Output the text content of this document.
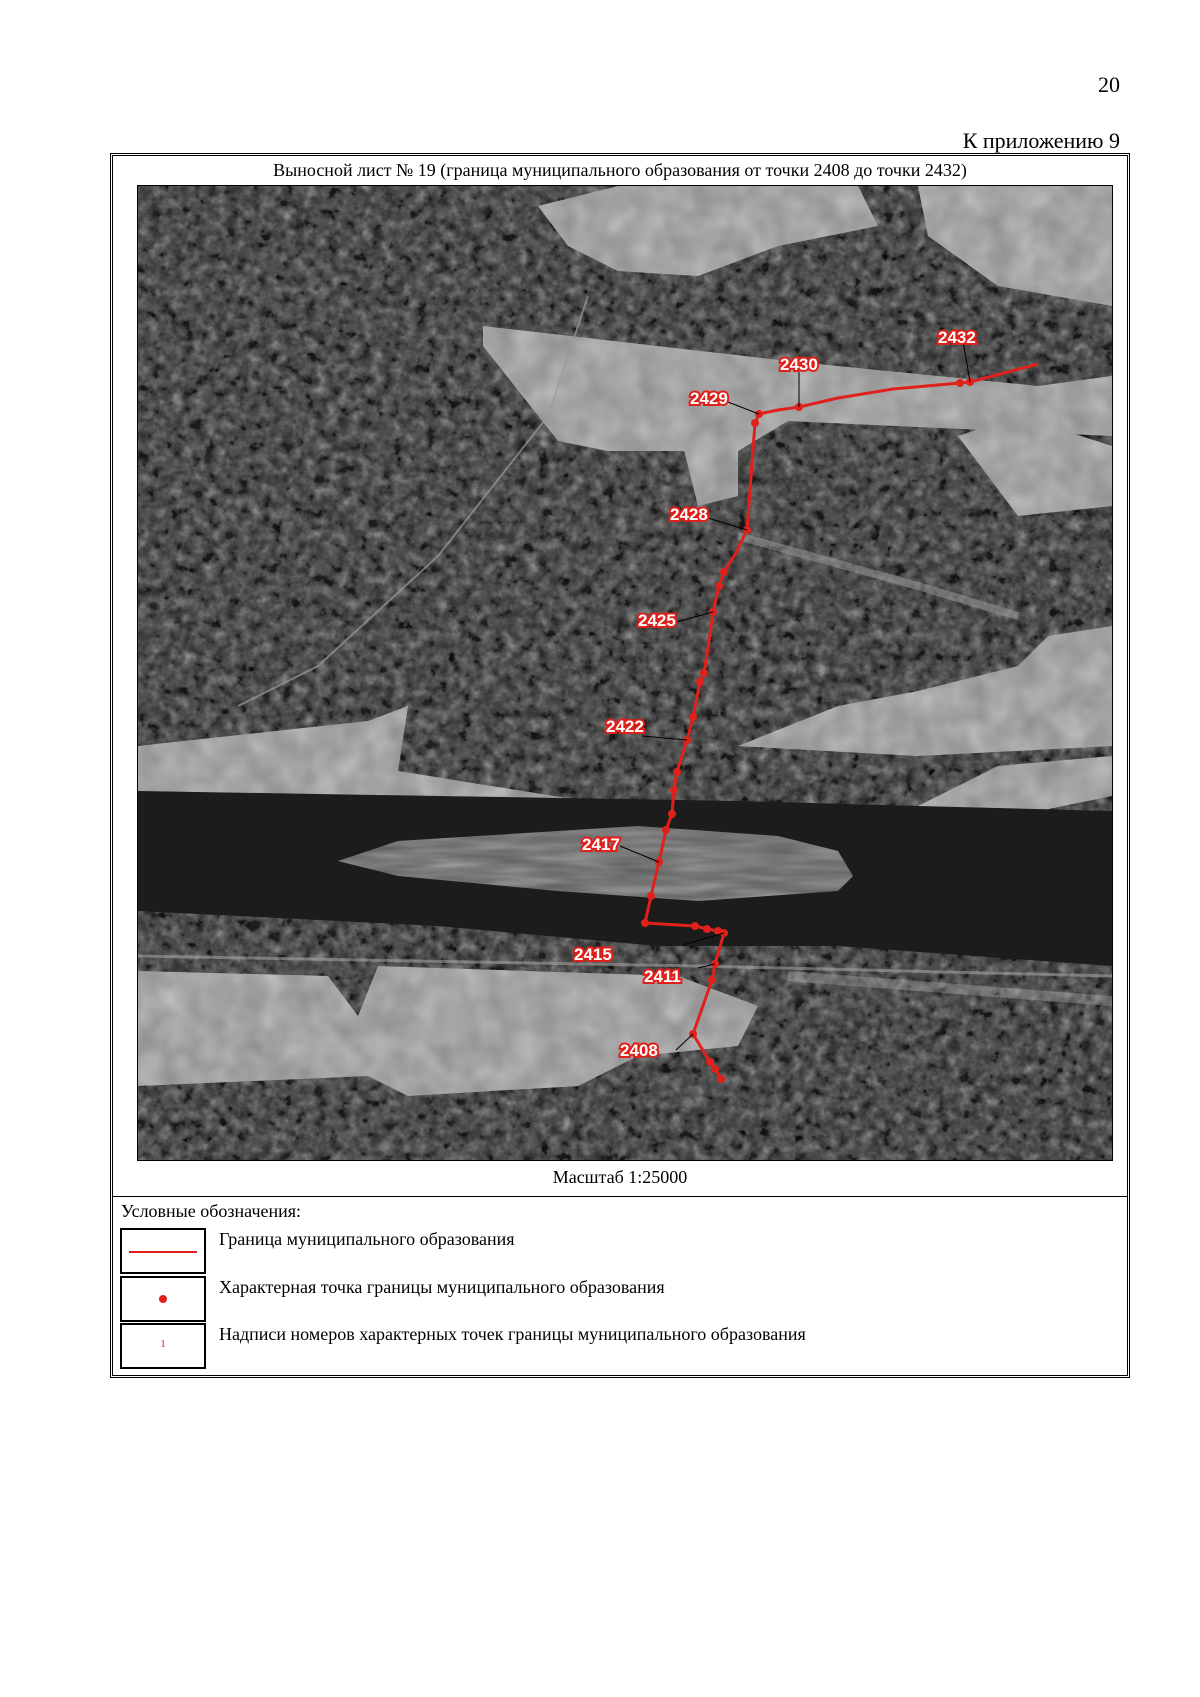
20
К приложению 9
Выносной лист № 19 (граница муниципального образования от точки 2408 до точки 2432)
2408
2411
2415
2417
2422
2425
2428
2429
2430
2432
Масштаб 1:25000
Условные обозначения:
Граница муниципального образования
Характерная точка границы муниципального образования
1	Надписи номеров характерных точек границы муниципального образования
